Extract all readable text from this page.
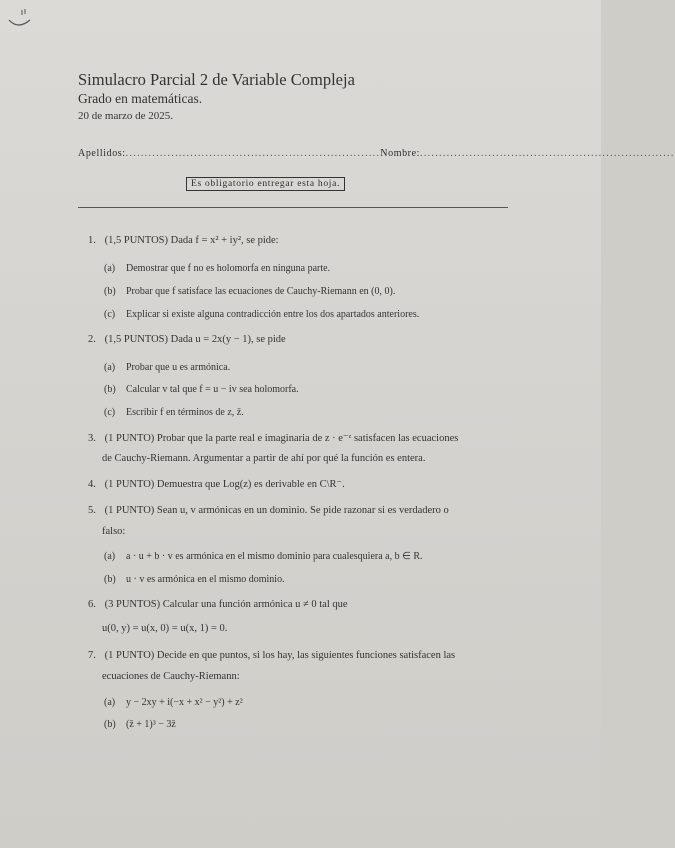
Simulacro Parcial 2 de Variable Compleja
Grado en matemáticas.
20 de marzo de 2025.
Apellidos: ................................................................... Nombre: ...................................................................
Es obligatorio entregar esta hoja.
1. (1,5 PUNTOS) Dada f = x² + iy², se pide:
(a) Demostrar que f no es holomorfa en ninguna parte.
(b) Probar que f satisface las ecuaciones de Cauchy-Riemann en (0, 0).
(c) Explicar si existe alguna contradicción entre los dos apartados anteriores.
2. (1,5 PUNTOS) Dada u = 2x(y − 1), se pide
(a) Probar que u es armónica.
(b) Calcular v tal que f = u − iv sea holomorfa.
(c) Escribir f en términos de z, z̄.
3. (1 PUNTO) Probar que la parte real e imaginaria de z · e⁻ᶻ satisfacen las ecuaciones
de Cauchy-Riemann. Argumentar a partir de ahí por qué la función es entera.
4. (1 PUNTO) Demuestra que Log(z) es derivable en C\R⁻.
5. (1 PUNTO) Sean u, v armónicas en un dominio. Se pide razonar si es verdadero o
falso:
(a) a · u + b · v es armónica en el mismo dominio para cualesquiera a, b ∈ R.
(b) u · v es armónica en el mismo dominio.
6. (3 PUNTOS) Calcular una función armónica u ≠ 0 tal que
u(0, y) = u(x, 0) = u(x, 1) = 0.
7. (1 PUNTO) Decide en que puntos, si los hay, las siguientes funciones satisfacen las
ecuaciones de Cauchy-Riemann:
(a) y − 2xy + i(−x + x² − y²) + z²
(b) (z̄ + 1)³ − 3z̄
